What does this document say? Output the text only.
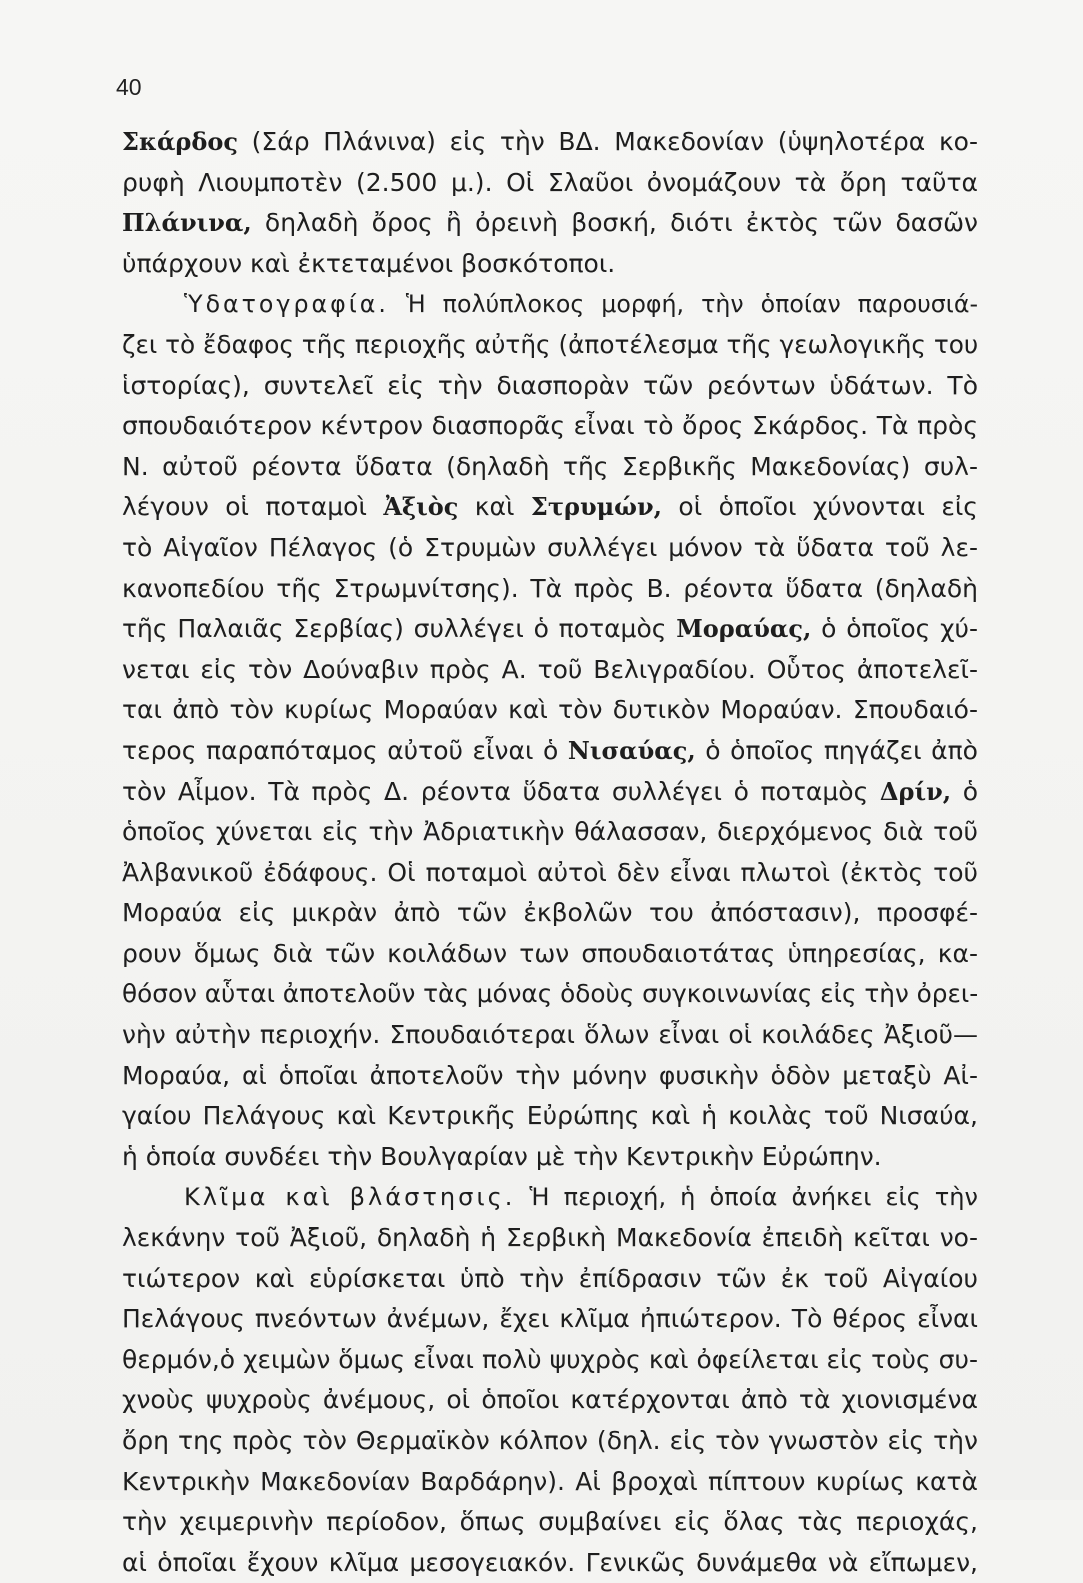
40
Σκάρδος (Σάρ Πλάνινα) εἰς τὴν ΒΔ. Μακεδονίαν (ὑψηλοτέρα κο-
ρυφὴ Λιουμποτὲν (2.500 μ.). Οἱ Σλαῦοι ὀνομάζουν τὰ ὄρη ταῦτα
Πλάνινα, δηλαδὴ ὄρος ἢ ὀρεινὴ βοσκή, διότι ἐκτὸς τῶν δασῶν
ὑπάρχουν καὶ ἐκτεταμένοι βοσκότοποι.
Ὑδατογραφία. Ἡ πολύπλοκος μορφή, τὴν ὁποίαν παρουσιά-
ζει τὸ ἔδαφος τῆς περιοχῆς αὐτῆς (ἀποτέλεσμα τῆς γεωλογικῆς του
ἱστορίας), συντελεῖ εἰς τὴν διασπορὰν τῶν ρεόντων ὑδάτων. Τὸ
σπουδαιότερον κέντρον διασπορᾶς εἶναι τὸ ὄρος Σκάρδος. Τὰ πρὸς
Ν. αὐτοῦ ρέοντα ὕδατα (δηλαδὴ τῆς Σερβικῆς Μακεδονίας) συλ-
λέγουν οἱ ποταμοὶ Ἀξιὸς καὶ Στρυμών, οἱ ὁποῖοι χύνονται εἰς
τὸ Αἰγαῖον Πέλαγος (ὁ Στρυμὼν συλλέγει μόνον τὰ ὕδατα τοῦ λε-
κανοπεδίου τῆς Στρωμνίτσης). Τὰ πρὸς Β. ρέοντα ὕδατα (δηλαδὴ
τῆς Παλαιᾶς Σερβίας) συλλέγει ὁ ποταμὸς Μοραύας, ὁ ὁποῖος χύ-
νεται εἰς τὸν Δούναβιν πρὸς Α. τοῦ Βελιγραδίου. Οὗτος ἀποτελεῖ-
ται ἀπὸ τὸν κυρίως Μοραύαν καὶ τὸν δυτικὸν Μοραύαν. Σπουδαιό-
τερος παραπόταμος αὐτοῦ εἶναι ὁ Νισαύας, ὁ ὁποῖος πηγάζει ἀπὸ
τὸν Αἶμον. Τὰ πρὸς Δ. ρέοντα ὕδατα συλλέγει ὁ ποταμὸς Δρίν, ὁ
ὁποῖος χύνεται εἰς τὴν Ἀδριατικὴν θάλασσαν, διερχόμενος διὰ τοῦ
Ἀλβανικοῦ ἐδάφους. Οἱ ποταμοὶ αὐτοὶ δὲν εἶναι πλωτοὶ (ἐκτὸς τοῦ
Μοραύα εἰς μικρὰν ἀπὸ τῶν ἐκβολῶν του ἀπόστασιν), προσφέ-
ρουν ὅμως διὰ τῶν κοιλάδων των σπουδαιοτάτας ὑπηρεσίας, κα-
θόσον αὗται ἀποτελοῦν τὰς μόνας ὁδοὺς συγκοινωνίας εἰς τὴν ὀρει-
νὴν αὐτὴν περιοχήν. Σπουδαιότεραι ὅλων εἶναι οἱ κοιλάδες Ἀξιοῦ—
Μοραύα, αἱ ὁποῖαι ἀποτελοῦν τὴν μόνην φυσικὴν ὁδὸν μεταξὺ Αἰ-
γαίου Πελάγους καὶ Κεντρικῆς Εὐρώπης καὶ ἡ κοιλὰς τοῦ Νισαύα,
ἡ ὁποία συνδέει τὴν Βουλγαρίαν μὲ τὴν Κεντρικὴν Εὐρώπην.
Κλῖμα καὶ βλάστησις. Ἡ περιοχή, ἡ ὁποία ἀνήκει εἰς τὴν
λεκάνην τοῦ Ἀξιοῦ, δηλαδὴ ἡ Σερβικὴ Μακεδονία ἐπειδὴ κεῖται νο-
τιώτερον καὶ εὑρίσκεται ὑπὸ τὴν ἐπίδρασιν τῶν ἐκ τοῦ Αἰγαίου
Πελάγους πνεόντων ἀνέμων, ἔχει κλῖμα ἠπιώτερον. Τὸ θέρος εἶναι
θερμόν,ὁ χειμὼν ὅμως εἶναι πολὺ ψυχρὸς καὶ ὀφείλεται εἰς τοὺς συ-
χνοὺς ψυχροὺς ἀνέμους, οἱ ὁποῖοι κατέρχονται ἀπὸ τὰ χιονισμένα
ὄρη της πρὸς τὸν Θερμαϊκὸν κόλπον (δηλ. εἰς τὸν γνωστὸν εἰς τὴν
Κεντρικὴν Μακεδονίαν Βαρδάρην). Αἱ βροχαὶ πίπτουν κυρίως κατὰ
τὴν χειμερινὴν περίοδον, ὅπως συμβαίνει εἰς ὅλας τὰς περιοχάς,
αἱ ὁποῖαι ἔχουν κλῖμα μεσογειακόν. Γενικῶς δυνάμεθα νὰ εἴπωμεν,
